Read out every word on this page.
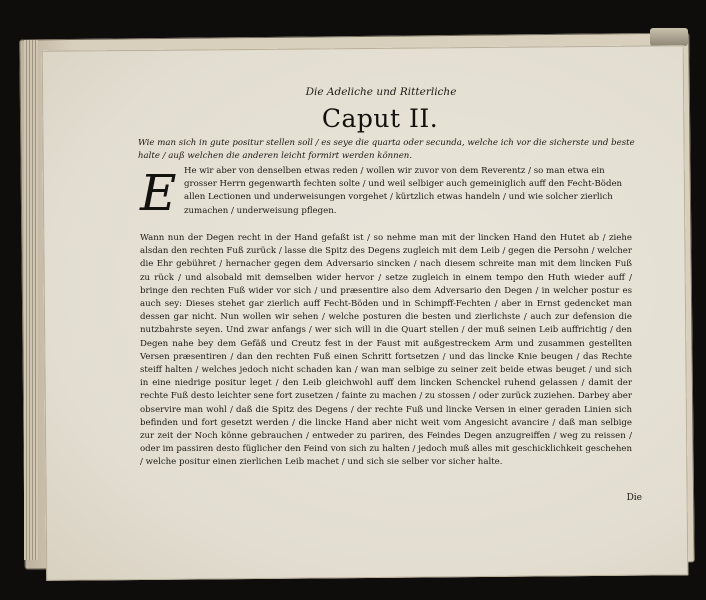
Die Adeliche und Ritterliche
Caput II.
Wie man sich in gute positur stellen soll / es seye die quarta oder secunda, welche ich vor die sicherste und beste halte / auß welchen die anderen leicht formirt werden können.
E He wir aber von denselben etwas reden / wollen wir zuvor von dem Reverentz / so man etwa ein grosser Herrn gegenwarth fechten solte / und weil selbiger auch gemeiniglich auff den Fecht-Böden allen Lectionen und underweisungen vorgehet / kürtzlich etwas handeln / und wie solcher zierlich zumachen / underweisung pflegen.
Wann nun der Degen recht in der Hand gefaßt ist / so nehme man mit der lincken Hand den Hutet ab / ziehe alsdan den rechten Fuß zurück / lasse die Spitz des Degens zugleich mit dem Leib / gegen die Persohn / welcher die Ehr gebühret / hernacher gegen dem Adversario sincken / nach diesem schreite man mit dem lincken Fuß zu rück / und alsobald mit demselben wider hervor / setze zugleich in einem tempo den Huth wieder auff / bringe den rechten Fuß wider vor sich / und præsentire also dem Adversario den Degen / in welcher postur es auch sey: Dieses stehet gar zierlich auff Fecht-Böden und in Schimpff-Fechten / aber in Ernst gedencket man dessen gar nicht. Nun wollen wir sehen / welche posturen die besten und zierlichste / auch zur defension die nutzbahrste seyen. Und zwar anfangs / wer sich will in die Quart stellen / der muß seinen Leib auffrichtig / den Degen nahe bey dem Gefäß und Creutz fest in der Faust mit außgestreckem Arm und zusammen gestellten Versen præsentiren / dan den rechten Fuß einen Schritt fortsetzen / und das lincke Knie beugen / das Rechte steiff halten / welches jedoch nicht schaden kan / wan man selbige zu seiner zeit beide etwas beuget / und sich in eine niedrige positur leget / den Leib gleichwohl auff dem lincken Schenckel ruhend gelassen / damit der rechte Fuß desto leichter sene fort zusetzen / fainte zu machen / zu stossen / oder zurück zuziehen. Darbey aber observire man wohl / daß die Spitz des Degens / der rechte Fuß und lincke Versen in einer geraden Linien sich befinden und fort gesetzt werden / die lincke Hand aber nicht weit vom Angesicht avancire / daß man selbige zur zeit der Noch könne gebrauchen / entweder zu pariren, des Feindes Degen anzugreiffen / weg zu reissen / oder im passiren desto füglicher den Feind von sich zu halten / jedoch muß alles mit geschicklichkeit geschehen / welche positur einen zierlichen Leib machet / und sich sie selber vor sicher halte.
Die
